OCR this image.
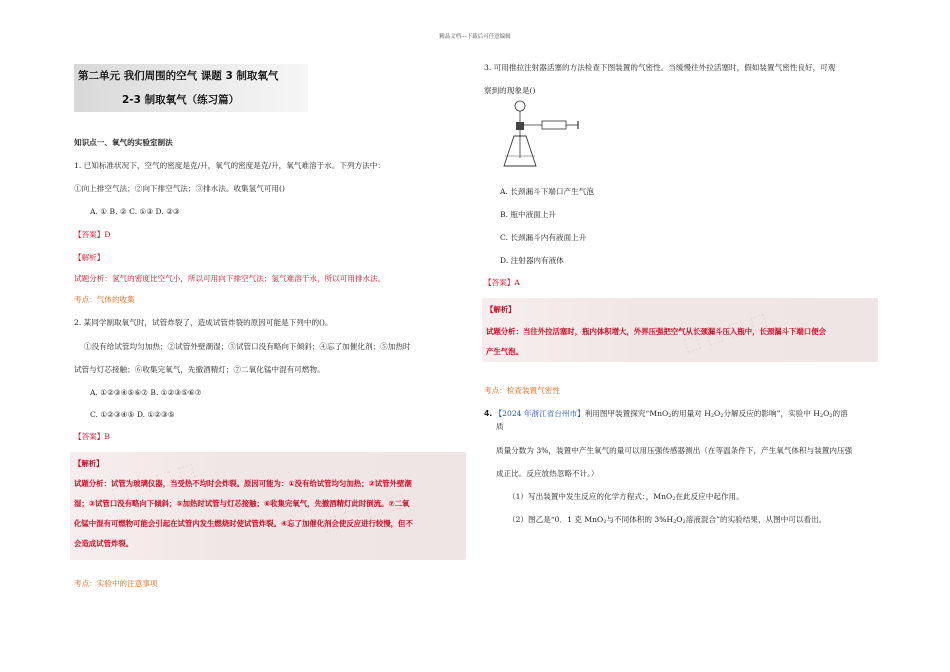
精品文档---下载后可任意编辑
第二单元 我们周围的空气 课题 3 制取氧气
2-3 制取氧气（练习篇）

知识点一、氧气的实验室制法

1. 已知标准状况下，空气的密度是克/升，氧气的密度是克/升，氧气难溶于水。下列方法中：

①向上排空气法；②向下排空气法；③排水法。收集氢气可用()

A. ① B. ② C. ①③ D. ②③

【答案】D

【解析】

试题分析：氢气的密度比空气小，所以可用向下排空气法；氢气难溶于水，所以可用排水法。

考点：气体的收集

2. 某同学制取氧气时，试管炸裂了，造成试管炸裂的原因可能是下列中的()。

①没有给试管均匀加热；②试管外壁潮湿；③试管口没有略向下倾斜；④忘了加催化剂；⑤加热时

试管与灯芯接触；⑥收集完氧气，先撤酒精灯；⑦二氧化锰中混有可燃物。

A. ①②③④⑤⑥⑦ B. ①②③⑤⑥⑦

C. ①②③④⑤ D. ①②③⑤

【答案】B

⬚ ⬚ ⬚ ⬚
⬚ ⬚ ⬚ ⬚
【解析】
试题分析：试管为玻璃仪器，当受热不均时会炸裂。原因可能为：①没有给试管均匀加热；②试管外壁潮
湿；③试管口没有略向下倾斜；⑤加热时试管与灯芯接触；⑥收集完氧气，先撤酒精灯此时倒流。⑦二氧
化锰中混有可燃物可能会引起在试管内发生燃烧时使试管炸裂。④忘了加催化剂会使反应进行较慢，但不
会造成试管炸裂。

考点：实验中的注意事项

3. 可用推拉注射器活塞的方法检查下图装置的气密性。当缓慢往外拉活塞时，假如装置气密性良好，可观

察到的现象是()

A. 长颈漏斗下端口产生气泡

B. 瓶中液面上升

C. 长颈漏斗内有液面上升

D. 注射器内有液体

【答案】A

⬚ ⬚ ⬚ ⬚
【解析】
试题分析：当往外拉活塞时，瓶内体积增大，外界压强把空气从长颈漏斗压入瓶中，长颈漏斗下端口便会
产生气泡。

考点：检查装置气密性

4. 【2024 年浙江省台州市】利用图甲装置探究“MnO$_2$的用量对 $H_2O_2$分解反应的影响”，实验中 $H_2O_2$的溶

质

质量分数为 3%，装置中产生氧气的量可以用压强传感器测出（在等温条件下，产生氧气体积与装置内压强

成正比。反应放热忽略不计。）

（1）写出装置中发生反应的化学方程式：，MnO$_2$在此反应中起作用。

（2）图乙是“0．1 克 MnO$_2$与不同体积的 $3\%H_2O_2$溶液混合”的实验结果，从图中可以看出。
